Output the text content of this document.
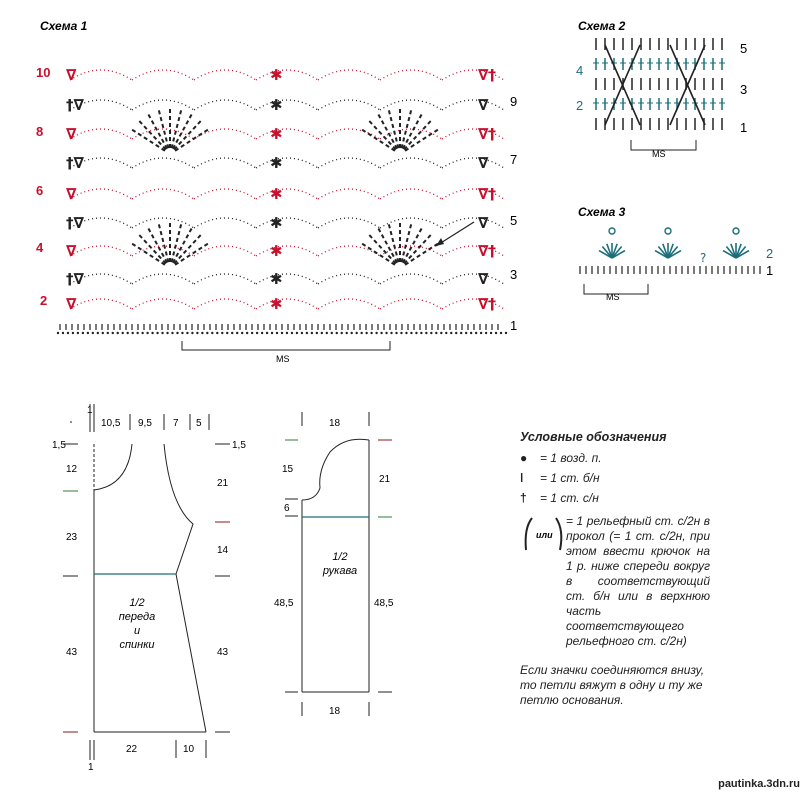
Схема 1
∇	∇†
✱
†∇	∇
✱
∇	∇†
✱
†∇	∇
✱
∇	∇†
✱
†∇	∇
✱
∇	∇†
✱
†∇	∇
✱
∇	∇†
✱
10
8
6
4
2
9
7
5
3
1
MS
Схема 2
4
2
5
3
1
MS
Схема 3
?	2
1
MS
1
10,5 9,5 7 5
1,5
12
23
43
1,5
21
14
43
22	10
1
1/2
переда
и
спинки
18
15
6
48,5
21
48,5
18
1/2
рукава
Условные обозначения
●	= 1 возд. п.
ǀ	= 1 ст. б/н
†	= 1 ст. с/н
или
= 1 рельефный ст. с/2н в прокол (= 1 ст. с/2н, при этом ввести крючок на 1 р. ниже спереди вокруг в соответствующий ст. б/н или в верхнюю часть соответствующего рельефного ст. с/2н)
Если значки соединяются внизу, то петли вяжут в одну и ту же петлю основания.
pautinka.3dn.ru
